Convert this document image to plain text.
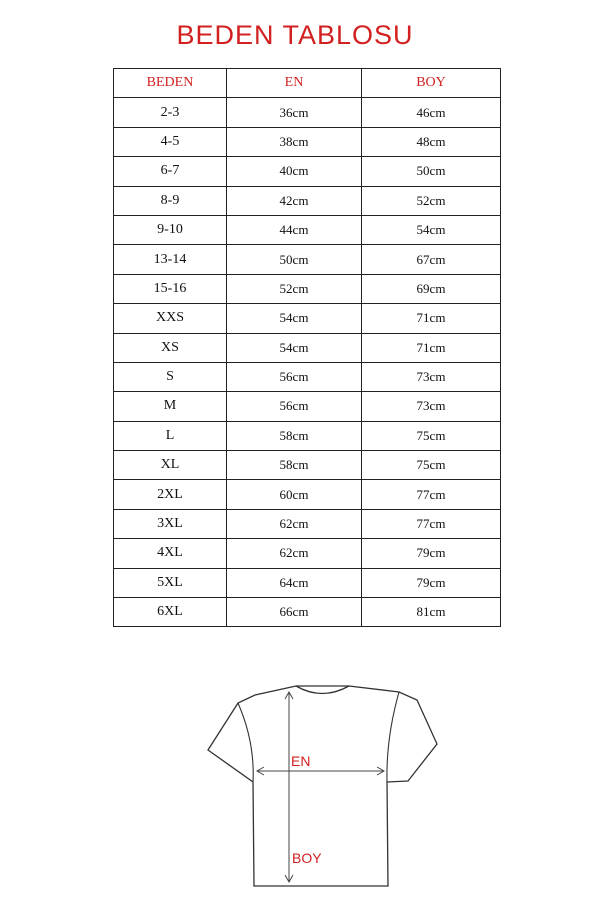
BEDEN TABLOSU
BEDEN	EN	BOY
2-3	36cm	46cm
4-5	38cm	48cm
6-7	40cm	50cm
8-9	42cm	52cm
9-10	44cm	54cm
13-14	50cm	67cm
15-16	52cm	69cm
XXS	54cm	71cm
XS	54cm	71cm
S	56cm	73cm
M	56cm	73cm
L	58cm	75cm
XL	58cm	75cm
2XL	60cm	77cm
3XL	62cm	77cm
4XL	62cm	79cm
5XL	64cm	79cm
6XL	66cm	81cm
EN
BOY
